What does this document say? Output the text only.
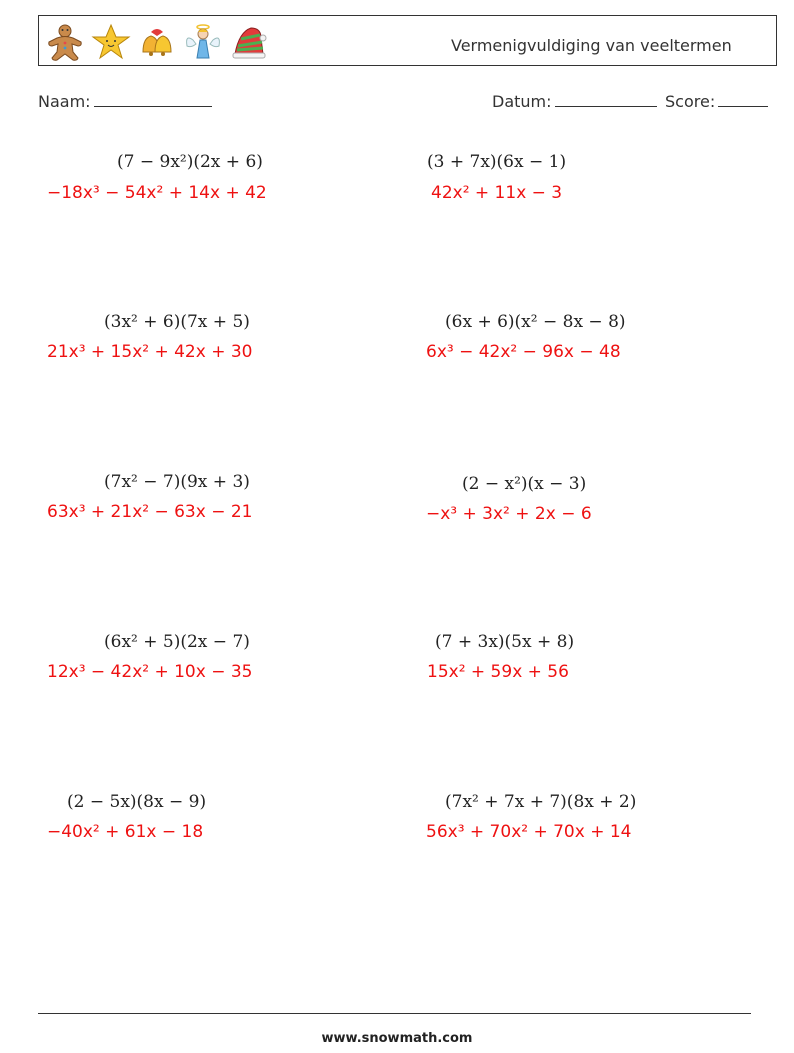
Vermenigvuldiging van veeltermen
Naam:	Datum:	Score:
(7 − 9x²)(2x + 6)
−18x³ − 54x² + 14x + 42
(3 + 7x)(6x − 1)
42x² + 11x − 3
(3x² + 6)(7x + 5)
21x³ + 15x² + 42x + 30
(6x + 6)(x² − 8x − 8)
6x³ − 42x² − 96x − 48
(7x² − 7)(9x + 3)
63x³ + 21x² − 63x − 21
(2 − x²)(x − 3)
−x³ + 3x² + 2x − 6
(6x² + 5)(2x − 7)
12x³ − 42x² + 10x − 35
(7 + 3x)(5x + 8)
15x² + 59x + 56
(2 − 5x)(8x − 9)
−40x² + 61x − 18
(7x² + 7x + 7)(8x + 2)
56x³ + 70x² + 70x + 14
www.snowmath.com
